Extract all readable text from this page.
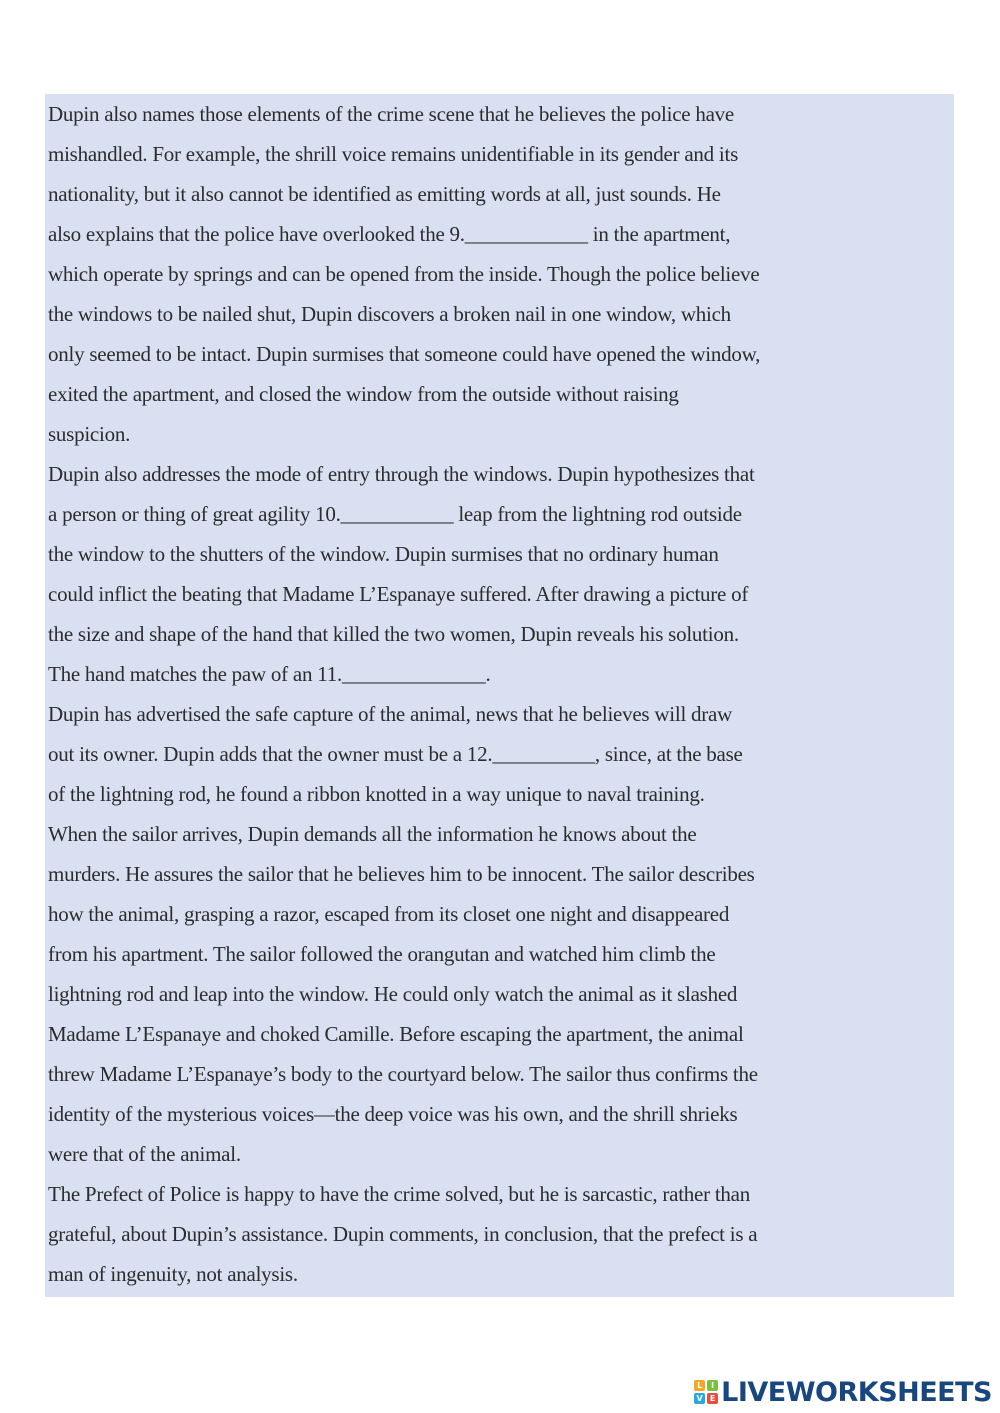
Dupin also names those elements of the crime scene that he believes the police have
mishandled. For example, the shrill voice remains unidentifiable in its gender and its
nationality, but it also cannot be identified as emitting words at all, just sounds. He
also explains that the police have overlooked the 9.____________ in the apartment,
which operate by springs and can be opened from the inside. Though the police believe
the windows to be nailed shut, Dupin discovers a broken nail in one window, which
only seemed to be intact. Dupin surmises that someone could have opened the window,
exited the apartment, and closed the window from the outside without raising
suspicion.
Dupin also addresses the mode of entry through the windows. Dupin hypothesizes that
a person or thing of great agility 10.___________ leap from the lightning rod outside
the window to the shutters of the window. Dupin surmises that no ordinary human
could inflict the beating that Madame L’Espanaye suffered. After drawing a picture of
the size and shape of the hand that killed the two women, Dupin reveals his solution.
The hand matches the paw of an 11.______________.
Dupin has advertised the safe capture of the animal, news that he believes will draw
out its owner. Dupin adds that the owner must be a 12.__________, since, at the base
of the lightning rod, he found a ribbon knotted in a way unique to naval training.
When the sailor arrives, Dupin demands all the information he knows about the
murders. He assures the sailor that he believes him to be innocent. The sailor describes
how the animal, grasping a razor, escaped from its closet one night and disappeared
from his apartment. The sailor followed the orangutan and watched him climb the
lightning rod and leap into the window. He could only watch the animal as it slashed
Madame L’Espanaye and choked Camille. Before escaping the apartment, the animal
threw Madame L’Espanaye’s body to the courtyard below. The sailor thus confirms the
identity of the mysterious voices—the deep voice was his own, and the shrill shrieks
were that of the animal.
The Prefect of Police is happy to have the crime solved, but he is sarcastic, rather than
grateful, about Dupin’s assistance. Dupin comments, in conclusion, that the prefect is a
man of ingenuity, not analysis.
L	I
V E LIVEWORKSHEETS
